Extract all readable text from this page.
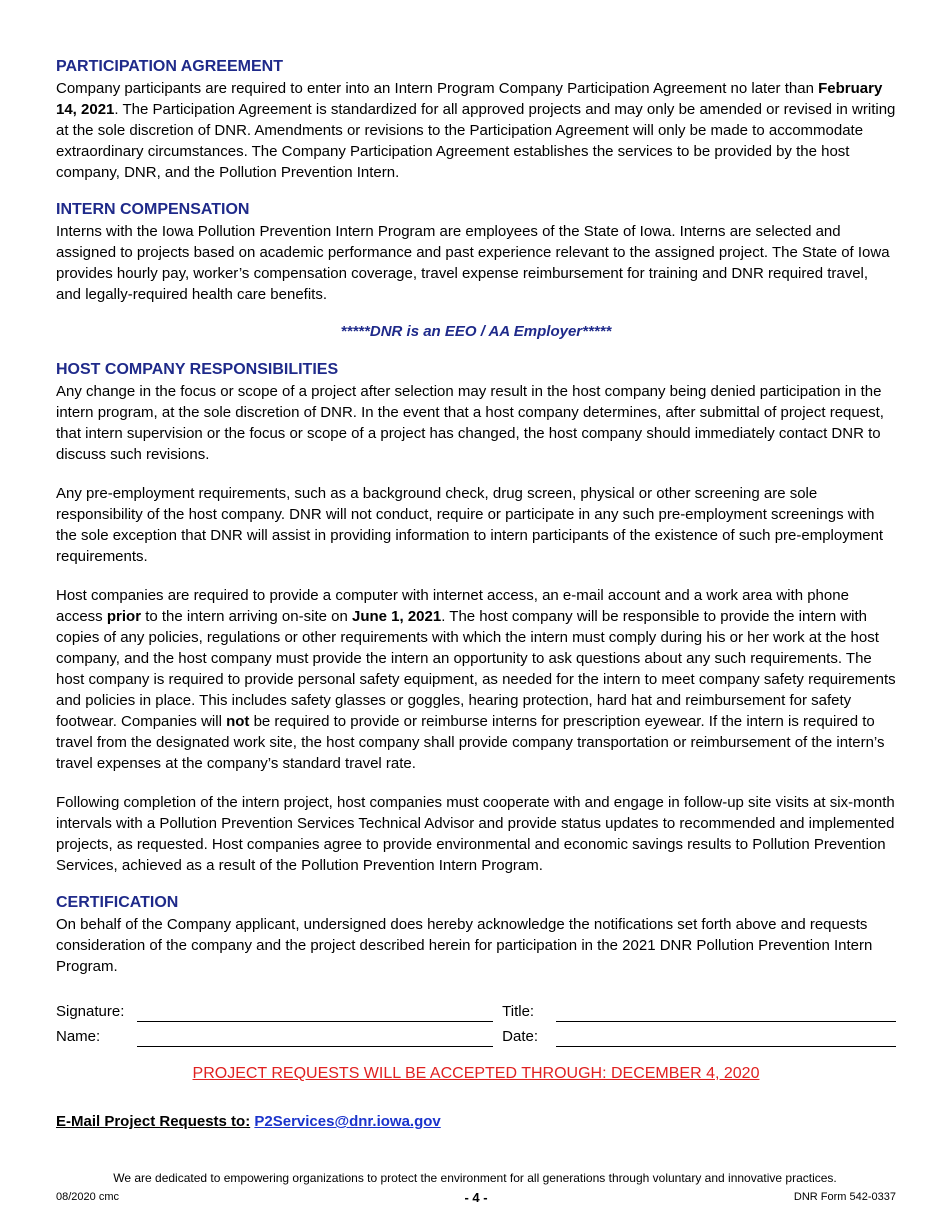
PARTICIPATION AGREEMENT

Company participants are required to enter into an Intern Program Company Participation Agreement no later than February 14, 2021. The Participation Agreement is standardized for all approved projects and may only be amended or revised in writing at the sole discretion of DNR. Amendments or revisions to the Participation Agreement will only be made to accommodate extraordinary circumstances. The Company Participation Agreement establishes the services to be provided by the host company, DNR, and the Pollution Prevention Intern.

INTERN COMPENSATION

Interns with the Iowa Pollution Prevention Intern Program are employees of the State of Iowa. Interns are selected and assigned to projects based on academic performance and past experience relevant to the assigned project. The State of Iowa provides hourly pay, worker’s compensation coverage, travel expense reimbursement for training and DNR required travel, and legally-required health care benefits.

*****DNR is an EEO / AA Employer*****

HOST COMPANY RESPONSIBILITIES

Any change in the focus or scope of a project after selection may result in the host company being denied participation in the intern program, at the sole discretion of DNR. In the event that a host company determines, after submittal of project request, that intern supervision or the focus or scope of a project has changed, the host company should immediately contact DNR to discuss such revisions.

Any pre-employment requirements, such as a background check, drug screen, physical or other screening are sole responsibility of the host company. DNR will not conduct, require or participate in any such pre-employment screenings with the sole exception that DNR will assist in providing information to intern participants of the existence of such pre-employment requirements.

Host companies are required to provide a computer with internet access, an e-mail account and a work area with phone access prior to the intern arriving on-site on June 1, 2021. The host company will be responsible to provide the intern with copies of any policies, regulations or other requirements with which the intern must comply during his or her work at the host company, and the host company must provide the intern an opportunity to ask questions about any such requirements. The host company is required to provide personal safety equipment, as needed for the intern to meet company safety requirements and policies in place. This includes safety glasses or goggles, hearing protection, hard hat and reimbursement for safety footwear. Companies will not be required to provide or reimburse interns for prescription eyewear. If the intern is required to travel from the designated work site, the host company shall provide company transportation or reimbursement of the intern’s travel expenses at the company’s standard travel rate.

Following completion of the intern project, host companies must cooperate with and engage in follow-up site visits at six-month intervals with a Pollution Prevention Services Technical Advisor and provide status updates to recommended and implemented projects, as requested. Host companies agree to provide environmental and economic savings results to Pollution Prevention Services, achieved as a result of the Pollution Prevention Intern Program.

CERTIFICATION

On behalf of the Company applicant, undersigned does hereby acknowledge the notifications set forth above and requests consideration of the company and the project described herein for participation in the 2021 DNR Pollution Prevention Intern Program.

Signature:	Title:
Name:	Date:

PROJECT REQUESTS WILL BE ACCEPTED THROUGH: DECEMBER 4, 2020

E-Mail Project Requests to: P2Services@dnr.iowa.gov
We are dedicated to empowering organizations to protect the environment for all generations through voluntary and innovative practices.
08/2020 cmc	- 4 -	DNR Form 542-0337
